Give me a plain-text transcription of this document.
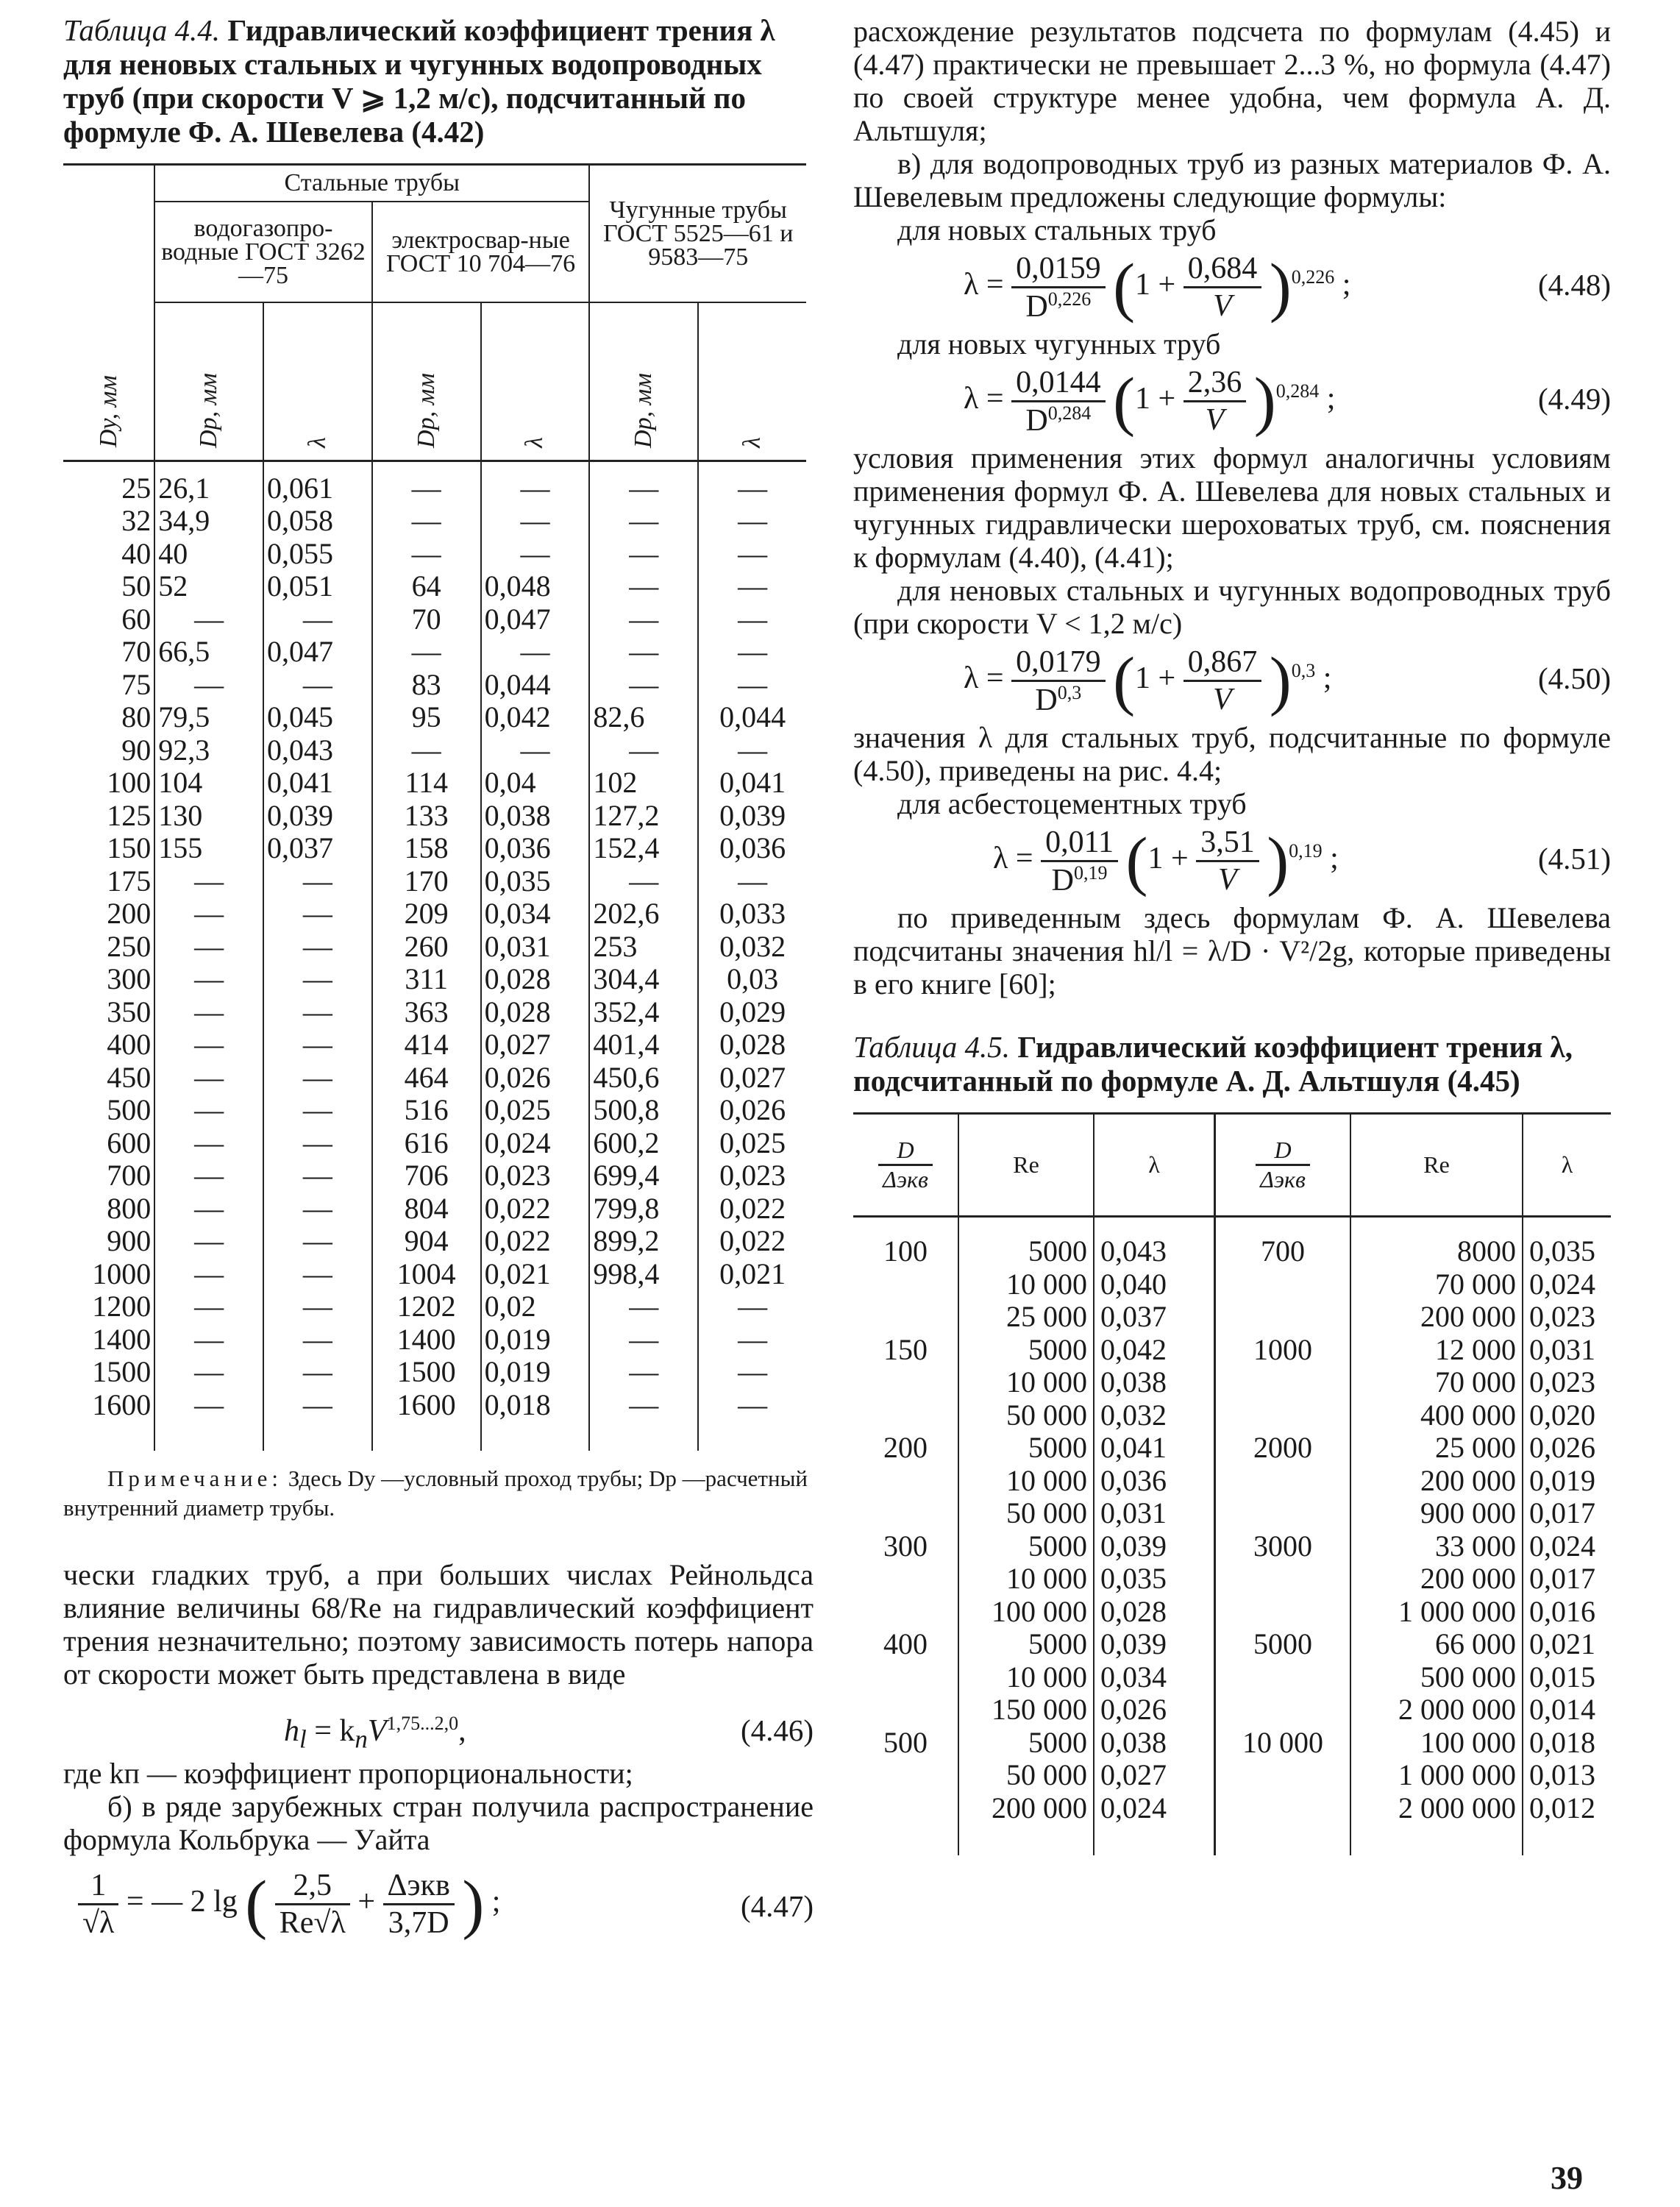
Таблица 4.4. Гидравлический коэффициент трения λ для неновых стальных и чугунных водопроводных труб (при скорости V ⩾ 1,2 м/с), подсчитанный по формуле Ф. А. Шевелева (4.42)

Dy, мм	Стальные трубы				Чугунные трубы ГОСТ 5525—61 и 9583—75	
	водогазопро-водные ГОСТ 3262—75		электросвар-ные ГОСТ 10 704—76			
	Dp, мм	λ	Dp, мм	λ	Dp, мм	λ
25	26,1	0,061	—	—	—	—
32	34,9	0,058	—	—	—	—
40	40	0,055	—	—	—	—
50	52	0,051	64	0,048	—	—
60	—	—	70	0,047	—	—
70	66,5	0,047	—	—	—	—
75	—	—	83	0,044	—	—
80	79,5	0,045	95	0,042	82,6	0,044
90	92,3	0,043	—	—	—	—
100	104	0,041	114	0,04	102	0,041
125	130	0,039	133	0,038	127,2	0,039
150	155	0,037	158	0,036	152,4	0,036
175	—	—	170	0,035	—	—
200	—	—	209	0,034	202,6	0,033
250	—	—	260	0,031	253	0,032
300	—	—	311	0,028	304,4	0,03
350	—	—	363	0,028	352,4	0,029
400	—	—	414	0,027	401,4	0,028
450	—	—	464	0,026	450,6	0,027
500	—	—	516	0,025	500,8	0,026
600	—	—	616	0,024	600,2	0,025
700	—	—	706	0,023	699,4	0,023
800	—	—	804	0,022	799,8	0,022
900	—	—	904	0,022	899,2	0,022
1000	—	—	1004	0,021	998,4	0,021
1200	—	—	1202	0,02	—	—
1400	—	—	1400	0,019	—	—
1500	—	—	1500	0,019	—	—
1600	—	—	1600	0,018	—	—

Примечание: Здесь Dy —условный проход трубы; Dp —расчетный внутренний диаметр трубы.

чески гладких труб, а при больших числах Рейнольдса влияние величины 68/Re на гидравлический коэффициент трения незначительно; поэтому зависимость потерь напора от скорости может быть представлена в виде

$h_l = k_пV^{1,75...2,0}$,	(4.46)

где kп — коэффициент пропорциональности;

б) в ряде зарубежных стран получила распространение формула Кольбрука — Уайта

$\frac{1}{√\lambda}$ = — 2 lg ( $\frac{2,5}{Re√\lambda} + \frac{\text{Δэкв}}{3,7D}$ ) ;	(4.47)

расхождение результатов подсчета по формулам (4.45) и (4.47) практически не превышает 2...3 %, но формула (4.47) по своей структуре менее удобна, чем формула А. Д. Альтшуля;

в) для водопроводных труб из разных материалов Ф. А. Шевелевым предложены следующие формулы:

для новых стальных труб

$\lambda = \frac{0,0159}{D^{0,226}} (1 + \frac{0,684}{V} )^{0,226}$ ;	(4.48)

для новых чугунных труб

$\lambda = \frac{0,0144}{D^{0,284}} (1 + \frac{2,36}{V} )^{0,284}$ ;	(4.49)

условия применения этих формул аналогичны условиям применения формул Ф. А. Шевелева для новых стальных и чугунных гидравлически шероховатых труб, см. пояснения к формулам (4.40), (4.41);

для неновых стальных и чугунных водопроводных труб (при скорости V < 1,2 м/с)

$\lambda = \frac{0,0179}{D^{0,3}} (1 + \frac{0,867}{V} )^{0,3}$ ;	(4.50)

значения λ для стальных труб, подсчитанные по формуле (4.50), приведены на рис. 4.4;

для асбестоцементных труб

$\lambda = \frac{0,011}{D^{0,19}} (1 + \frac{3,51}{V} )^{0,19}$ ;	(4.51)

по приведенным здесь формулам Ф. А. Шевелева подсчитаны значения hl/l = λ/D · V²/2g, которые приведены в его книге [60];

Таблица 4.5. Гидравлический коэффициент трения λ, подсчитанный по формуле А. Д. Альтшуля (4.45)

$\frac{D}{\text{Δэкв}}$	Re	λ	$\frac{D}{\text{Δэкв}}$	Re	λ
100	5000	0,043	700	8000	0,035
	10 000	0,040		70 000	0,024
	25 000	0,037		200 000	0,023
150	5000	0,042	1000	12 000	0,031
	10 000	0,038		70 000	0,023
	50 000	0,032		400 000	0,020
200	5000	0,041	2000	25 000	0,026
	10 000	0,036		200 000	0,019
	50 000	0,031		900 000	0,017
300	5000	0,039	3000	33 000	0,024
	10 000	0,035		200 000	0,017
	100 000	0,028		1 000 000	0,016
400	5000	0,039	5000	66 000	0,021
	10 000	0,034		500 000	0,015
	150 000	0,026		2 000 000	0,014
500	5000	0,038	10 000	100 000	0,018
	50 000	0,027		1 000 000	0,013
	200 000	0,024		2 000 000	0,012

39
